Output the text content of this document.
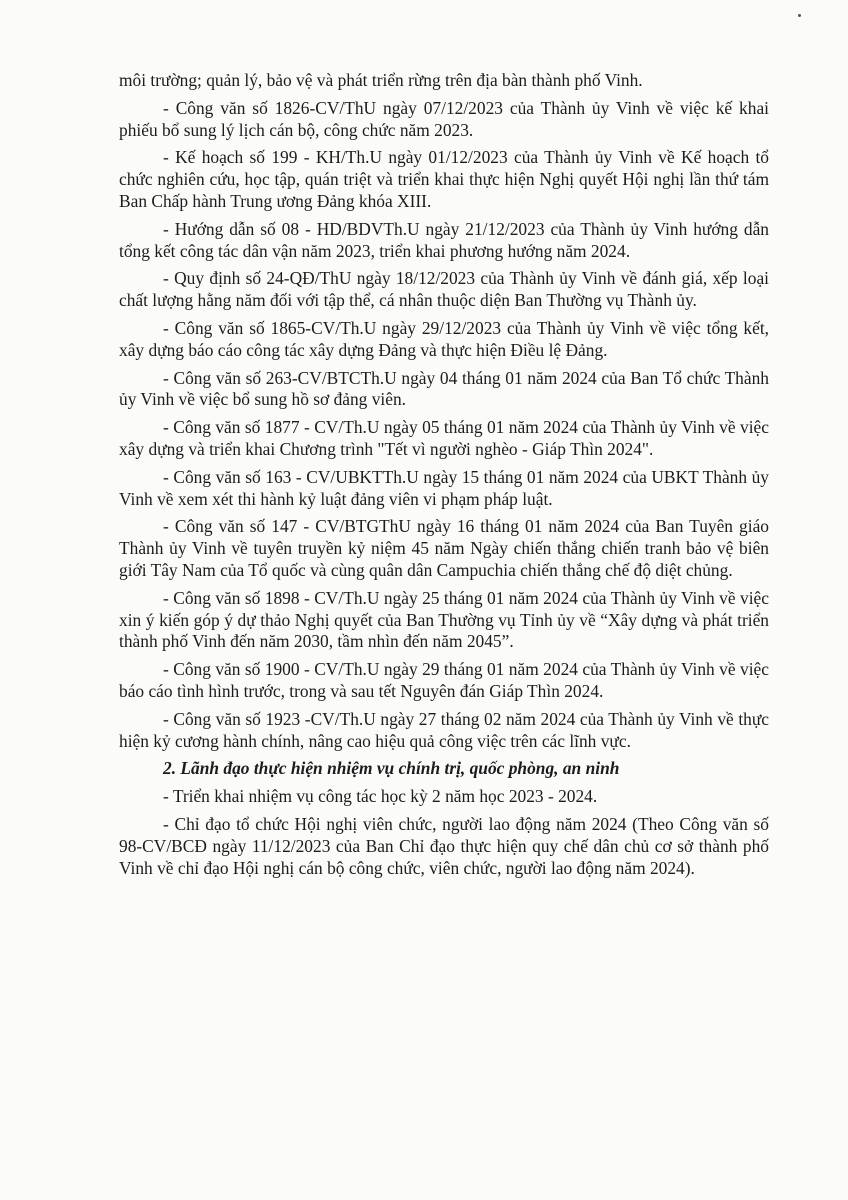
môi trường; quản lý, bảo vệ và phát triển rừng trên địa bàn thành phố Vinh.

- Công văn số 1826-CV/ThU ngày 07/12/2023 của Thành ủy Vinh về việc kế khai phiếu bổ sung lý lịch cán bộ, công chức năm 2023.

- Kế hoạch số 199 - KH/Th.U ngày 01/12/2023 của Thành ủy Vinh về Kế hoạch tổ chức nghiên cứu, học tập, quán triệt và triển khai thực hiện Nghị quyết Hội nghị lần thứ tám Ban Chấp hành Trung ương Đảng khóa XIII.

- Hướng dẫn số 08 - HD/BDVTh.U ngày 21/12/2023 của Thành ủy Vinh hướng dẫn tổng kết công tác dân vận năm 2023, triển khai phương hướng năm 2024.

- Quy định số 24-QĐ/ThU ngày 18/12/2023 của Thành ủy Vinh về đánh giá, xếp loại chất lượng hằng năm đối với tập thể, cá nhân thuộc diện Ban Thường vụ Thành ủy.

- Công văn số 1865-CV/Th.U ngày 29/12/2023 của Thành ủy Vinh về việc tổng kết, xây dựng báo cáo công tác xây dựng Đảng và thực hiện Điều lệ Đảng.

- Công văn số 263-CV/BTCTh.U ngày 04 tháng 01 năm 2024 của Ban Tổ chức Thành ủy Vinh về việc bổ sung hồ sơ đảng viên.

- Công văn số 1877 - CV/Th.U ngày 05 tháng 01 năm 2024 của Thành ủy Vinh về việc xây dựng và triển khai Chương trình "Tết vì người nghèo - Giáp Thìn 2024".

- Công văn số 163 - CV/UBKTTh.U ngày 15 tháng 01 năm 2024 của UBKT Thành ủy Vinh về xem xét thi hành kỷ luật đảng viên vi phạm pháp luật.

- Công văn số 147 - CV/BTGThU ngày 16 tháng 01 năm 2024 của Ban Tuyên giáo Thành ủy Vinh về tuyên truyền kỷ niệm 45 năm Ngày chiến thắng chiến tranh bảo vệ biên giới Tây Nam của Tổ quốc và cùng quân dân Campuchia chiến thắng chế độ diệt chủng.

- Công văn số 1898 - CV/Th.U ngày 25 tháng 01 năm 2024 của Thành ủy Vinh về việc xin ý kiến góp ý dự thảo Nghị quyết của Ban Thường vụ Tỉnh ủy về “Xây dựng và phát triển thành phố Vinh đến năm 2030, tầm nhìn đến năm 2045”.

- Công văn số 1900 - CV/Th.U ngày 29 tháng 01 năm 2024 của Thành ủy Vinh về việc báo cáo tình hình trước, trong và sau tết Nguyên đán Giáp Thìn 2024.

- Công văn số 1923 -CV/Th.U ngày 27 tháng 02 năm 2024 của Thành ủy Vinh về thực hiện kỷ cương hành chính, nâng cao hiệu quả công việc trên các lĩnh vực.

2. Lãnh đạo thực hiện nhiệm vụ chính trị, quốc phòng, an ninh

- Triển khai nhiệm vụ công tác học kỳ 2 năm học 2023 - 2024.

- Chỉ đạo tổ chức Hội nghị viên chức, người lao động năm 2024 (Theo Công văn số 98-CV/BCĐ ngày 11/12/2023 của Ban Chỉ đạo thực hiện quy chế dân chủ cơ sở thành phố Vinh về chỉ đạo Hội nghị cán bộ công chức, viên chức, người lao động năm 2024).
